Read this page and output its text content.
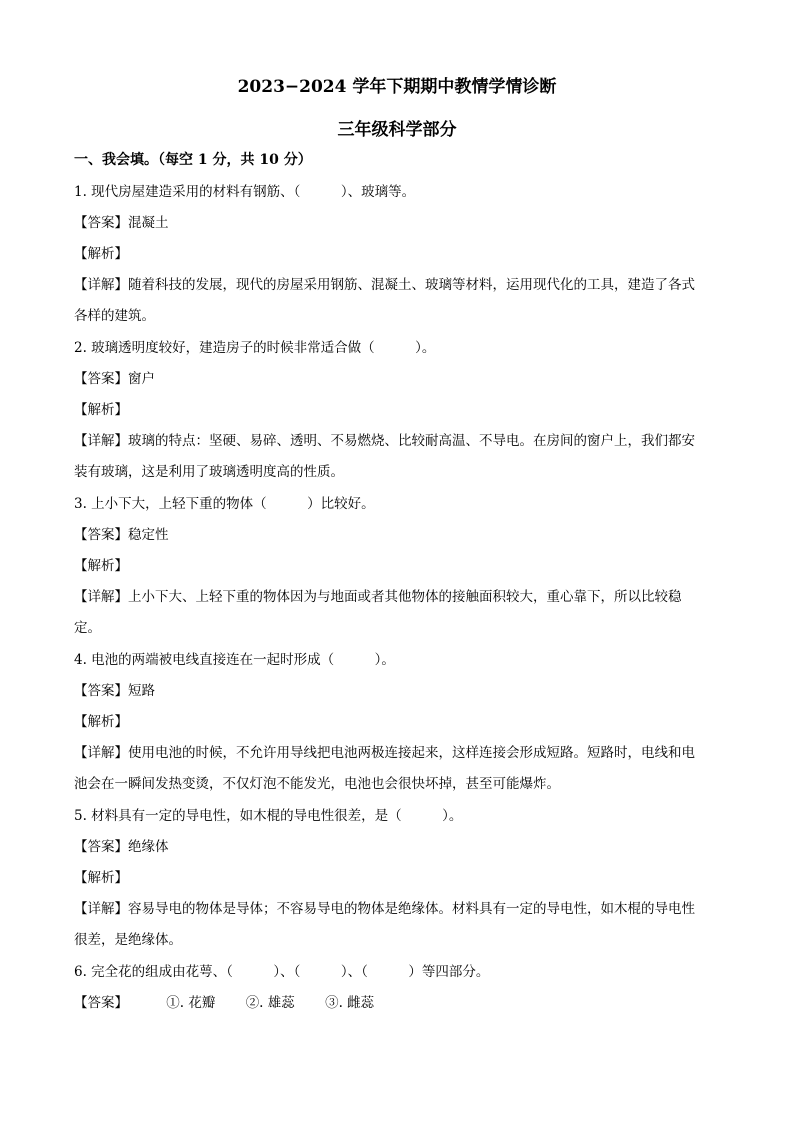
2023−2024 学年下期期中教情学情诊断
三年级科学部分
一、我会填。（每空 1 分，共 10 分）
1. 现代房屋建造采用的材料有钢筋、（　　　）、玻璃等。
【答案】混凝土
【解析】
【详解】随着科技的发展，现代的房屋采用钢筋、混凝土、玻璃等材料，运用现代化的工具，建造了各式
各样的建筑。
2. 玻璃透明度较好，建造房子的时候非常适合做（　　　）。
【答案】窗户
【解析】
【详解】玻璃的特点：坚硬、易碎、透明、不易燃烧、比较耐高温、不导电。在房间的窗户上，我们都安
装有玻璃，这是利用了玻璃透明度高的性质。
3. 上小下大，上轻下重的物体（　　　）比较好。
【答案】稳定性
【解析】
【详解】上小下大、上轻下重的物体因为与地面或者其他物体的接触面积较大，重心靠下，所以比较稳
定。
4. 电池的两端被电线直接连在一起时形成（　　　）。
【答案】短路
【解析】
【详解】使用电池的时候，不允许用导线把电池两极连接起来，这样连接会形成短路。短路时，电线和电
池会在一瞬间发热变烫，不仅灯泡不能发光，电池也会很快坏掉，甚至可能爆炸。
5. 材料具有一定的导电性，如木棍的导电性很差，是（　　　）。
【答案】绝缘体
【解析】
【详解】容易导电的物体是导体；不容易导电的物体是绝缘体。材料具有一定的导电性，如木棍的导电性
很差，是绝缘体。
6. 完全花的组成由花萼、（　　　）、（　　　）、（　　　）等四部分。
【答案】	①. 花瓣 ②. 雄蕊 ③. 雌蕊
